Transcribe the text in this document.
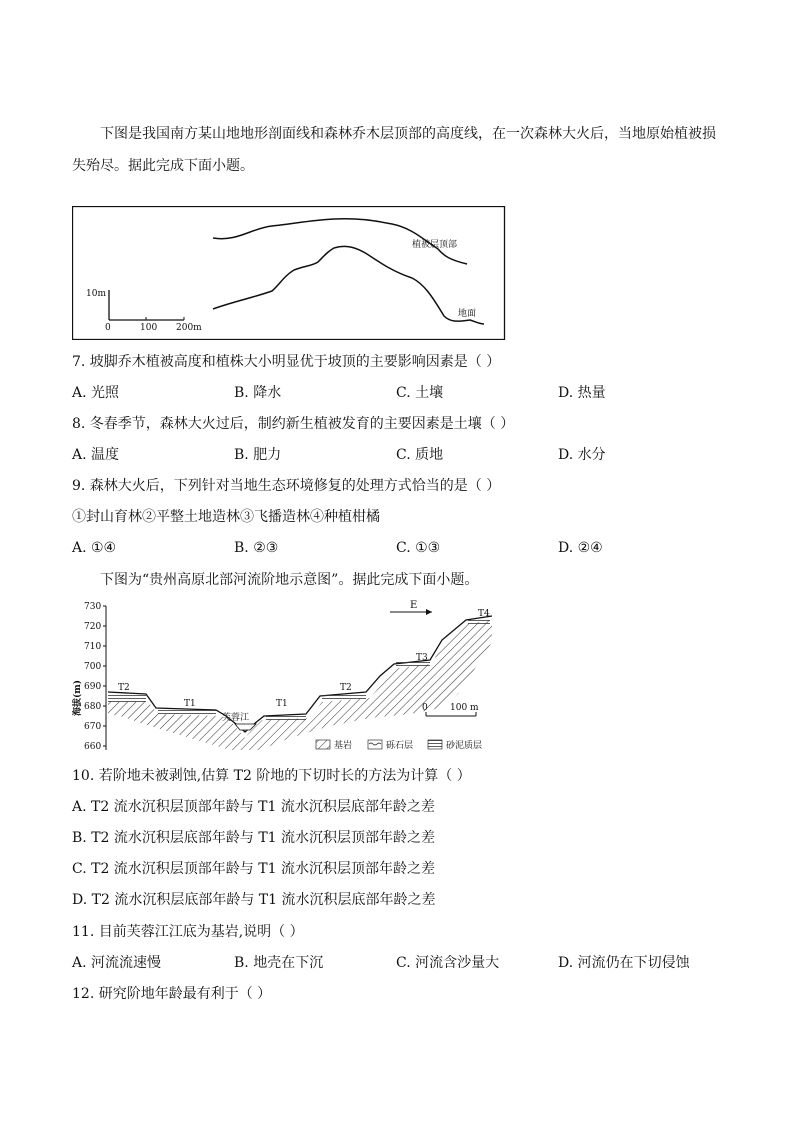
下图是我国南方某山地地形剖面线和森林乔木层顶部的高度线，在一次森林大火后，当地原始植被损
失殆尽。据此完成下面小题。
植被层顶部
地面
10m
0	100 200m
7. 坡脚乔木植被高度和植株大小明显优于坡顶的主要影响因素是（ ）
A. 光照	B. 降水	C. 土壤	D. 热量
8. 冬春季节，森林大火过后，制约新生植被发育的主要因素是土壤（ ）
A. 温度	B. 肥力	C. 质地	D. 水分
9. 森林大火后，下列针对当地生态环境修复的处理方式恰当的是（ ）
①封山育林②平整土地造林③飞播造林④种植柑橘
A. ①④	B. ②③	C. ①③	D. ②④
下图为“贵州高原北部河流阶地示意图”。据此完成下面小题。
730
720
710
700
690
680
670
660
海拔(m)	T2
T1	T1
T2
T3
T4
芙蓉江
E
0 100 m
基岩	砾石层	砂泥质层
10. 若阶地未被剥蚀,估算 T2 阶地的下切时长的方法为计算（ ）
A. T2 流水沉积层顶部年龄与 T1 流水沉积层底部年龄之差
B. T2 流水沉积层底部年龄与 T1 流水沉积层顶部年龄之差
C. T2 流水沉积层顶部年龄与 T1 流水沉积层顶部年龄之差
D. T2 流水沉积层底部年龄与 T1 流水沉积层底部年龄之差
11. 目前芙蓉江江底为基岩,说明（ ）
A. 河流流速慢	B. 地壳在下沉	C. 河流含沙量大	D. 河流仍在下切侵蚀
12. 研究阶地年龄最有利于（ ）
